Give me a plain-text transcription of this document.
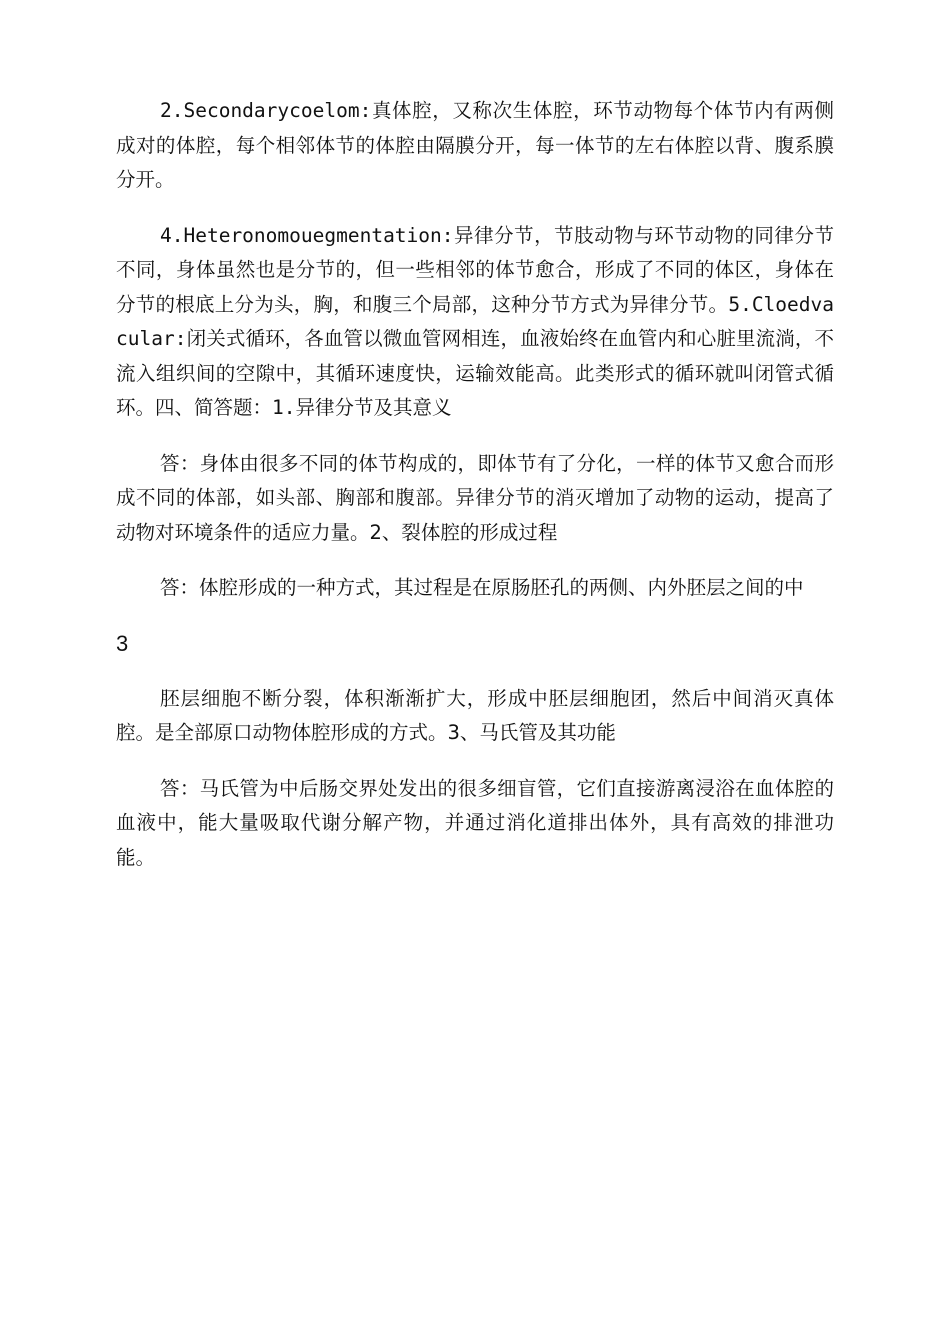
2.Secondarycoelom:真体腔，又称次生体腔，环节动物每个体节内有两侧成对的体腔，每个相邻体节的体腔由隔膜分开，每一体节的左右体腔以背、腹系膜分开。

4.Heteronomouegmentation:异律分节，节肢动物与环节动物的同律分节不同，身体虽然也是分节的，但一些相邻的体节愈合，形成了不同的体区，身体在分节的根底上分为头，胸，和腹三个局部，这种分节方式为异律分节。5.Cloedvacular:闭关式循环，各血管以微血管网相连，血液始终在血管内和心脏里流淌，不流入组织间的空隙中，其循环速度快，运输效能高。此类形式的循环就叫闭管式循环。四、简答题：1.异律分节及其意义

答：身体由很多不同的体节构成的，即体节有了分化，一样的体节又愈合而形成不同的体部，如头部、胸部和腹部。异律分节的消灭增加了动物的运动，提高了动物对环境条件的适应力量。2、裂体腔的形成过程

答：体腔形成的一种方式，其过程是在原肠胚孔的两侧、内外胚层之间的中

3

胚层细胞不断分裂，体积渐渐扩大，形成中胚层细胞团，然后中间消灭真体腔。是全部原口动物体腔形成的方式。3、马氏管及其功能

答：马氏管为中后肠交界处发出的很多细盲管，它们直接游离浸浴在血体腔的血液中，能大量吸取代谢分解产物，并通过消化道排出体外，具有高效的排泄功能。
